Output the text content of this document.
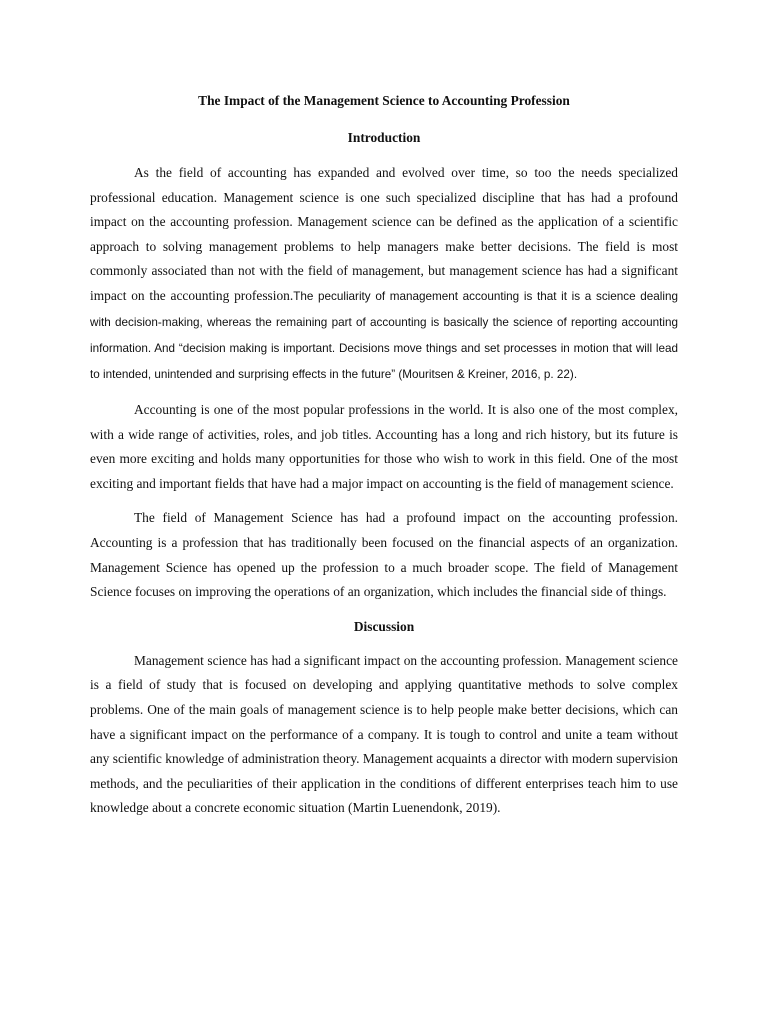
The Impact of the Management Science to Accounting Profession
Introduction

As the field of accounting has expanded and evolved over time, so too the needs specialized professional education. Management science is one such specialized discipline that has had a profound impact on the accounting profession. Management science can be defined as the application of a scientific approach to solving management problems to help managers make better decisions. The field is most commonly associated than not with the field of management, but management science has had a significant impact on the accounting profession.The peculiarity of management accounting is that it is a science dealing with decision-making, whereas the remaining part of accounting is basically the science of reporting accounting information. And “decision making is important. Decisions move things and set processes in motion that will lead to intended, unintended and surprising effects in the future” (Mouritsen & Kreiner, 2016, p. 22).

Accounting is one of the most popular professions in the world. It is also one of the most complex, with a wide range of activities, roles, and job titles. Accounting has a long and rich history, but its future is even more exciting and holds many opportunities for those who wish to work in this field. One of the most exciting and important fields that have had a major impact on accounting is the field of management science.

The field of Management Science has had a profound impact on the accounting profession. Accounting is a profession that has traditionally been focused on the financial aspects of an organization. Management Science has opened up the profession to a much broader scope. The field of Management Science focuses on improving the operations of an organization, which includes the financial side of things.

Discussion

Management science has had a significant impact on the accounting profession. Management science is a field of study that is focused on developing and applying quantitative methods to solve complex problems. One of the main goals of management science is to help people make better decisions, which can have a significant impact on the performance of a company. It is tough to control and unite a team without any scientific knowledge of administration theory. Management acquaints a director with modern supervision methods, and the peculiarities of their application in the conditions of different enterprises teach him to use knowledge about a concrete economic situation (Martin Luenendonk, 2019).
